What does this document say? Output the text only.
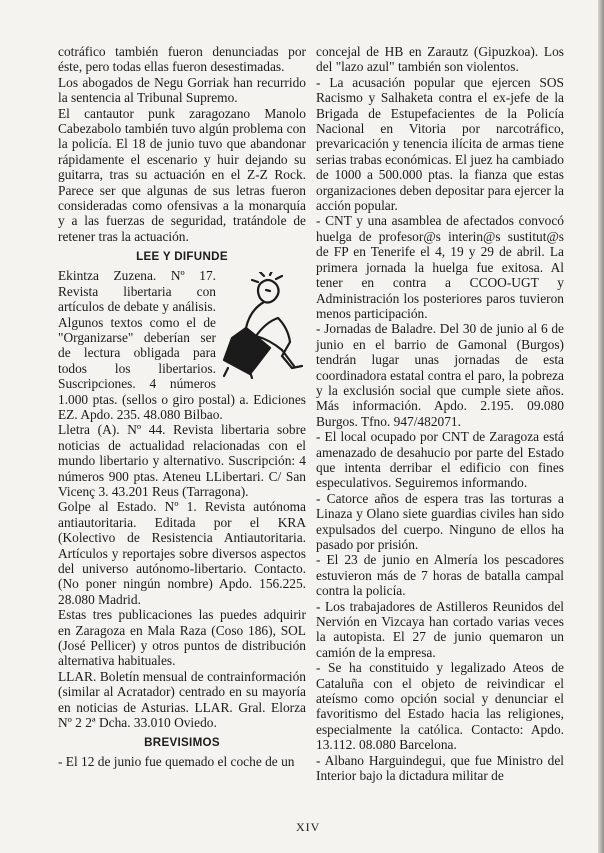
cotráfico también fueron denunciadas por éste, pero todas ellas fueron desestimadas.

Los abogados de Negu Gorriak han recurrido la sentencia al Tribunal Supremo.

El cantautor punk zaragozano Manolo Cabezabolo también tuvo algún problema con la policía. El 18 de junio tuvo que abandonar rápidamente el escenario y huir dejando su guitarra, tras su actuación en el Z-Z Rock. Parece ser que algunas de sus letras fueron consideradas como ofensivas a la monarquía y a las fuerzas de seguridad, tratándole de retener tras la actuación.

LEE Y DIFUNDE

Ekintza Zuzena. Nº 17. Revista libertaria con artículos de debate y análisis. Algunos textos como el de "Organizarse" deberían ser de lectura obligada para todos los libertarios. Suscripciones. 4 números 1.000 ptas. (sellos o giro postal) a. Ediciones EZ. Apdo. 235. 48.080 Bilbao.

Lletra (A). Nº 44. Revista libertaria sobre noticias de actualidad relacionadas con el mundo libertario y alternativo. Suscripción: 4 números 900 ptas. Ateneu LLibertari. C/ San Vicenç 3. 43.201 Reus (Tarragona).

Golpe al Estado. Nº 1. Revista autónoma antiautoritaria. Editada por el KRA (Kolectivo de Resistencia Antiautoritaria. Artículos y reportajes sobre diversos aspectos del universo autónomo-libertario. Contacto. (No poner ningún nombre) Apdo. 156.225. 28.080 Madrid.

Estas tres publicaciones las puedes adquirir en Zaragoza en Mala Raza (Coso 186), SOL (José Pellicer) y otros puntos de distribución alternativa habituales.

LLAR. Boletín mensual de contrainformación (similar al Acratador) centrado en su mayoría en noticias de Asturias. LLAR. Gral. Elorza Nº 2 2ª Dcha. 33.010 Oviedo.

BREVISIMOS

- El 12 de junio fue quemado el coche de un

concejal de HB en Zarautz (Gipuzkoa). Los del "lazo azul" también son violentos.

- La acusación popular que ejercen SOS Racismo y Salhaketa contra el ex-jefe de la Brigada de Estupefacientes de la Policía Nacional en Vitoria por narcotráfico, prevaricación y tenencia ilícita de armas tiene serias trabas económicas. El juez ha cambiado de 1000 a 500.000 ptas. la fianza que estas organizaciones deben depositar para ejercer la acción popular.

- CNT y una asamblea de afectados convocó huelga de profesor@s interin@s sustitut@s de FP en Tenerife el 4, 19 y 29 de abril. La primera jornada la huelga fue exitosa. Al tener en contra a CCOO-UGT y Administración los posteriores paros tuvieron menos participación.

- Jornadas de Baladre. Del 30 de junio al 6 de junio en el barrio de Gamonal (Burgos) tendrán lugar unas jornadas de esta coordinadora estatal contra el paro, la pobreza y la exclusión social que cumple siete años. Más información. Apdo. 2.195. 09.080 Burgos. Tfno. 947/482071.

- El local ocupado por CNT de Zaragoza está amenazado de desahucio por parte del Estado que intenta derribar el edificio con fines especulativos. Seguiremos informando.

- Catorce años de espera tras las torturas a Linaza y Olano siete guardias civiles han sido expulsados del cuerpo. Ninguno de ellos ha pasado por prisión.

- El 23 de junio en Almería los pescadores estuvieron más de 7 horas de batalla campal contra la policía.

- Los trabajadores de Astilleros Reunidos del Nervión en Vizcaya han cortado varias veces la autopista. El 27 de junio quemaron un camión de la empresa.

- Se ha constituido y legalizado Ateos de Cataluña con el objeto de reivindicar el ateísmo como opción social y denunciar el favoritismo del Estado hacia las religiones, especialmente la católica. Contacto: Apdo. 13.112. 08.080 Barcelona.

- Albano Harguindegui, que fue Ministro del Interior bajo la dictadura militar de

XIV
